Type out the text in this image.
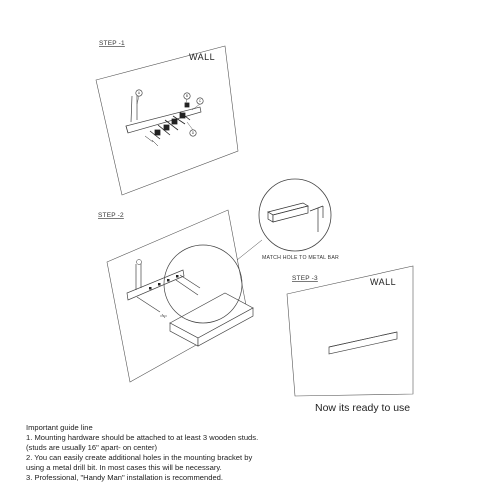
STEP -1
WALL
A
B
C
D
STEP -2
MATCH HOLE TO METAL BAR
STEP -3	WALL
Now its ready to use

Important guide line

1. Mounting hardware should be attached to at least 3 wooden studs.

(studs are usually 16" apart- on center)

2. You can easily create additional holes in the mounting bracket by

using a metal drill bit. In most cases this will be necessary.

3. Professional, "Handy Man" installation is recommended.
